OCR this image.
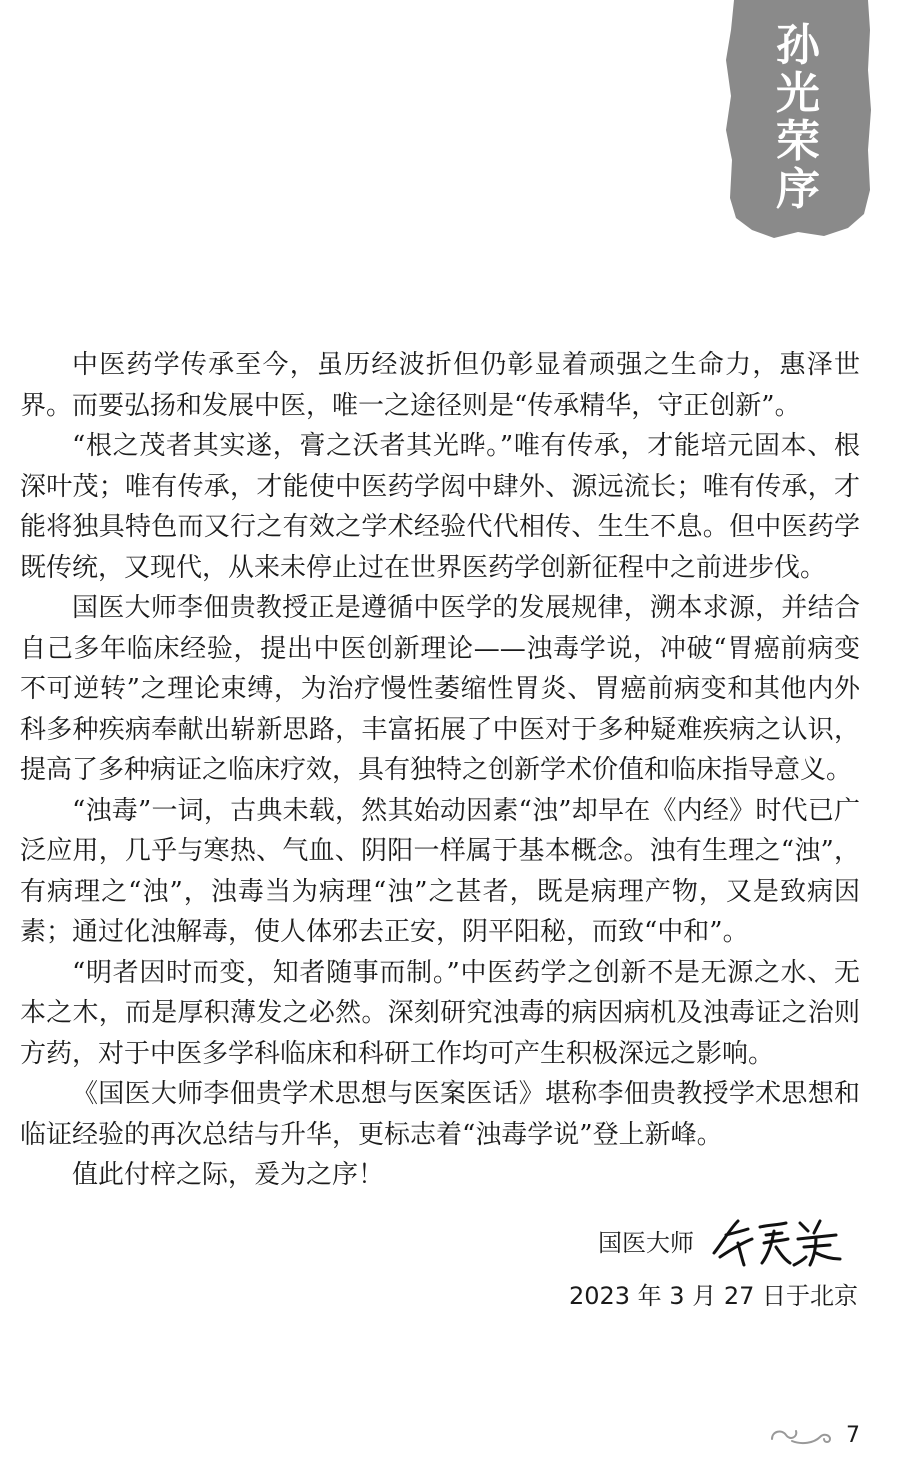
孙
光
荣
序

中医药学传承至今，虽历经波折但仍彰显着顽强之生命力，惠泽世界。而要弘扬和发展中医，唯一之途径则是“传承精华，守正创新”。

“根之茂者其实遂，膏之沃者其光晔。”唯有传承，才能培元固本、根深叶茂；唯有传承，才能使中医药学闳中肆外、源远流长；唯有传承，才能将独具特色而又行之有效之学术经验代代相传、生生不息。但中医药学既传统，又现代，从来未停止过在世界医药学创新征程中之前进步伐。

国医大师李佃贵教授正是遵循中医学的发展规律，溯本求源，并结合自己多年临床经验，提出中医创新理论——浊毒学说，冲破“胃癌前病变不可逆转”之理论束缚，为治疗慢性萎缩性胃炎、胃癌前病变和其他内外科多种疾病奉献出崭新思路，丰富拓展了中医对于多种疑难疾病之认识，提高了多种病证之临床疗效，具有独特之创新学术价值和临床指导意义。

“浊毒”一词，古典未载，然其始动因素“浊”却早在《内经》时代已广泛应用，几乎与寒热、气血、阴阳一样属于基本概念。浊有生理之“浊”，有病理之“浊”，浊毒当为病理“浊”之甚者，既是病理产物，又是致病因素；通过化浊解毒，使人体邪去正安，阴平阳秘，而致“中和”。

“明者因时而变，知者随事而制。”中医药学之创新不是无源之水、无本之木，而是厚积薄发之必然。深刻研究浊毒的病因病机及浊毒证之治则方药，对于中医多学科临床和科研工作均可产生积极深远之影响。

《国医大师李佃贵学术思想与医案医话》堪称李佃贵教授学术思想和临证经验的再次总结与升华，更标志着“浊毒学说”登上新峰。

值此付梓之际，爰为之序！

国医大师
2023 年 3 月 27 日于北京
7
